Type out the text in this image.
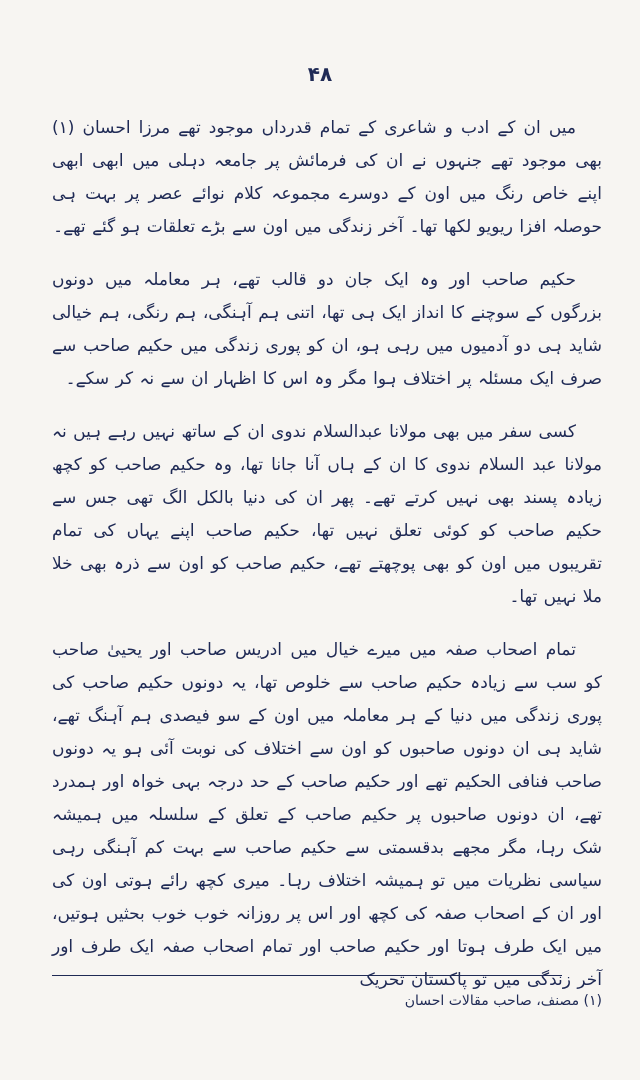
۴۸

میں ان کے ادب و شاعری کے تمام قدرداں موجود تھے مرزا احسان (۱) بھی موجود تھے جنہوں نے ان کی فرمائش پر جامعہ دہلی میں ابھی ابھی اپنے خاص رنگ میں اون کے دوسرے مجموعہ کلام نوائے عصر پر بہت ہی حوصلہ افزا ریویو لکھا تھا۔ آخر زندگی میں اون سے بڑے تعلقات ہو گئے تھے۔

حکیم صاحب اور وہ ایک جان دو قالب تھے، ہر معاملہ میں دونوں بزرگوں کے سوچنے کا انداز ایک ہی تھا، اتنی ہم آہنگی، ہم رنگی، ہم خیالی شاید ہی دو آدمیوں میں رہی ہو، ان کو پوری زندگی میں حکیم صاحب سے صرف ایک مسئلہ پر اختلاف ہوا مگر وہ اس کا اظہار ان سے نہ کر سکے۔

کسی سفر میں بھی مولانا عبدالسلام ندوی ان کے ساتھ نہیں رہے ہیں نہ مولانا عبد السلام ندوی کا ان کے ہاں آنا جانا تھا، وہ حکیم صاحب کو کچھ زیادہ پسند بھی نہیں کرتے تھے۔ پھر ان کی دنیا بالکل الگ تھی جس سے حکیم صاحب کو کوئی تعلق نہیں تھا، حکیم صاحب اپنے یہاں کی تمام تقریبوں میں اون کو بھی پوچھتے تھے، حکیم صاحب کو اون سے ذرہ بھی خلا ملا نہیں تھا۔

تمام اصحاب صفہ میں میرے خیال میں ادریس صاحب اور یحییٰ صاحب کو سب سے زیادہ حکیم صاحب سے خلوص تھا، یہ دونوں حکیم صاحب کی پوری زندگی میں دنیا کے ہر معاملہ میں اون کے سو فیصدی ہم آہنگ تھے، شاید ہی ان دونوں صاحبوں کو اون سے اختلاف کی نوبت آئی ہو یہ دونوں صاحب فنافی الحکیم تھے اور حکیم صاحب کے حد درجہ بہی خواہ اور ہمدرد تھے، ان دونوں صاحبوں پر حکیم صاحب کے تعلق کے سلسلہ میں ہمیشہ شک رہا، مگر مجھے بدقسمتی سے حکیم صاحب سے بہت کم آہنگی رہی سیاسی نظریات میں تو ہمیشہ اختلاف رہا۔ میری کچھ رائے ہوتی اون کی اور ان کے اصحاب صفہ کی کچھ اور اس پر روزانہ خوب خوب بحثیں ہوتیں، میں ایک طرف ہوتا اور حکیم صاحب اور تمام اصحاب صفہ ایک طرف اور آخر زندگی میں تو پاکستان تحریک

(۱) مصنف، صاحب مقالات احسان
